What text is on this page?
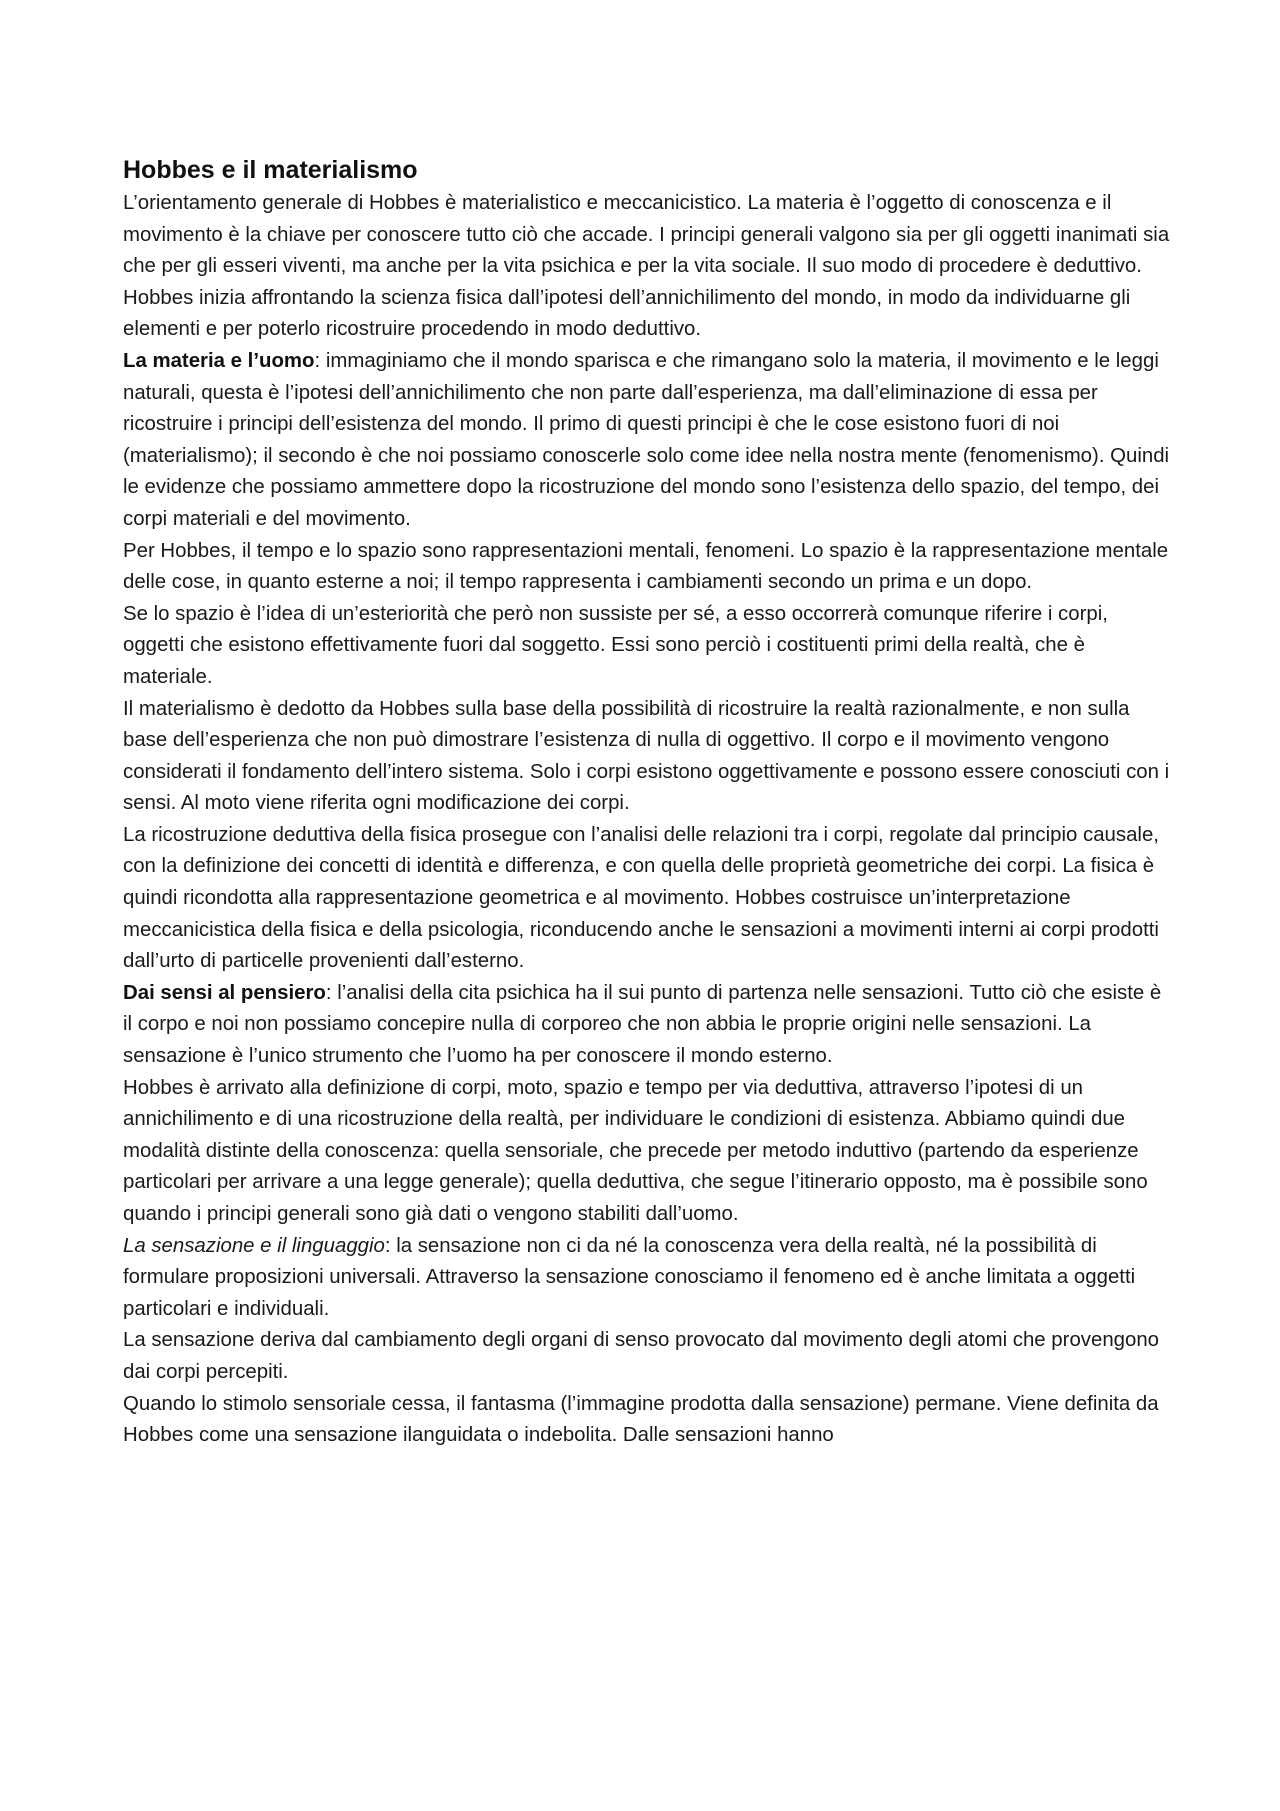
Hobbes e il materialismo

L’orientamento generale di Hobbes è materialistico e meccanicistico. La materia è l’oggetto di conoscenza e il movimento è la chiave per conoscere tutto ciò che accade. I principi generali valgono sia per gli oggetti inanimati sia che per gli esseri viventi, ma anche per la vita psichica e per la vita sociale. Il suo modo di procedere è deduttivo.

Hobbes inizia affrontando la scienza fisica dall’ipotesi dell’annichilimento del mondo, in modo da individuarne gli elementi e per poterlo ricostruire procedendo in modo deduttivo.

La materia e l’uomo: immaginiamo che il mondo sparisca e che rimangano solo la materia, il movimento e le leggi naturali, questa è l’ipotesi dell’annichilimento che non parte dall’esperienza, ma dall’eliminazione di essa per ricostruire i principi dell’esistenza del mondo. Il primo di questi principi è che le cose esistono fuori di noi (materialismo); il secondo è che noi possiamo conoscerle solo come idee nella nostra mente (fenomenismo). Quindi le evidenze che possiamo ammettere dopo la ricostruzione del mondo sono l’esistenza dello spazio, del tempo, dei corpi materiali e del movimento.

Per Hobbes, il tempo e lo spazio sono rappresentazioni mentali, fenomeni. Lo spazio è la rappresentazione mentale delle cose, in quanto esterne a noi; il tempo rappresenta i cambiamenti secondo un prima e un dopo.

Se lo spazio è l’idea di un’esteriorità che però non sussiste per sé, a esso occorrerà comunque riferire i corpi, oggetti che esistono effettivamente fuori dal soggetto. Essi sono perciò i costituenti primi della realtà, che è materiale.

Il materialismo è dedotto da Hobbes sulla base della possibilità di ricostruire la realtà razionalmente, e non sulla base dell’esperienza che non può dimostrare l’esistenza di nulla di oggettivo. Il corpo e il movimento vengono considerati il fondamento dell’intero sistema. Solo i corpi esistono oggettivamente e possono essere conosciuti con i sensi. Al moto viene riferita ogni modificazione dei corpi.

La ricostruzione deduttiva della fisica prosegue con l’analisi delle relazioni tra i corpi, regolate dal principio causale, con la definizione dei concetti di identità e differenza, e con quella delle proprietà geometriche dei corpi. La fisica è quindi ricondotta alla rappresentazione geometrica e al movimento. Hobbes costruisce un’interpretazione meccanicistica della fisica e della psicologia, riconducendo anche le sensazioni a movimenti interni ai corpi prodotti dall’urto di particelle provenienti dall’esterno.

Dai sensi al pensiero: l’analisi della cita psichica ha il sui punto di partenza nelle sensazioni. Tutto ciò che esiste è il corpo e noi non possiamo concepire nulla di corporeo che non abbia le proprie origini nelle sensazioni. La sensazione è l’unico strumento che l’uomo ha per conoscere il mondo esterno.

Hobbes è arrivato alla definizione di corpi, moto, spazio e tempo per via deduttiva, attraverso l’ipotesi di un annichilimento e di una ricostruzione della realtà, per individuare le condizioni di esistenza. Abbiamo quindi due modalità distinte della conoscenza: quella sensoriale, che precede per metodo induttivo (partendo da esperienze particolari per arrivare a una legge generale); quella deduttiva, che segue l’itinerario opposto, ma è possibile sono quando i principi generali sono già dati o vengono stabiliti dall’uomo.

La sensazione e il linguaggio: la sensazione non ci da né la conoscenza vera della realtà, né la possibilità di formulare proposizioni universali. Attraverso la sensazione conosciamo il fenomeno ed è anche limitata a oggetti particolari e individuali.

La sensazione deriva dal cambiamento degli organi di senso provocato dal movimento degli atomi che provengono dai corpi percepiti.

Quando lo stimolo sensoriale cessa, il fantasma (l’immagine prodotta dalla sensazione) permane. Viene definita da Hobbes come una sensazione ilanguidata o indebolita. Dalle sensazioni hanno
